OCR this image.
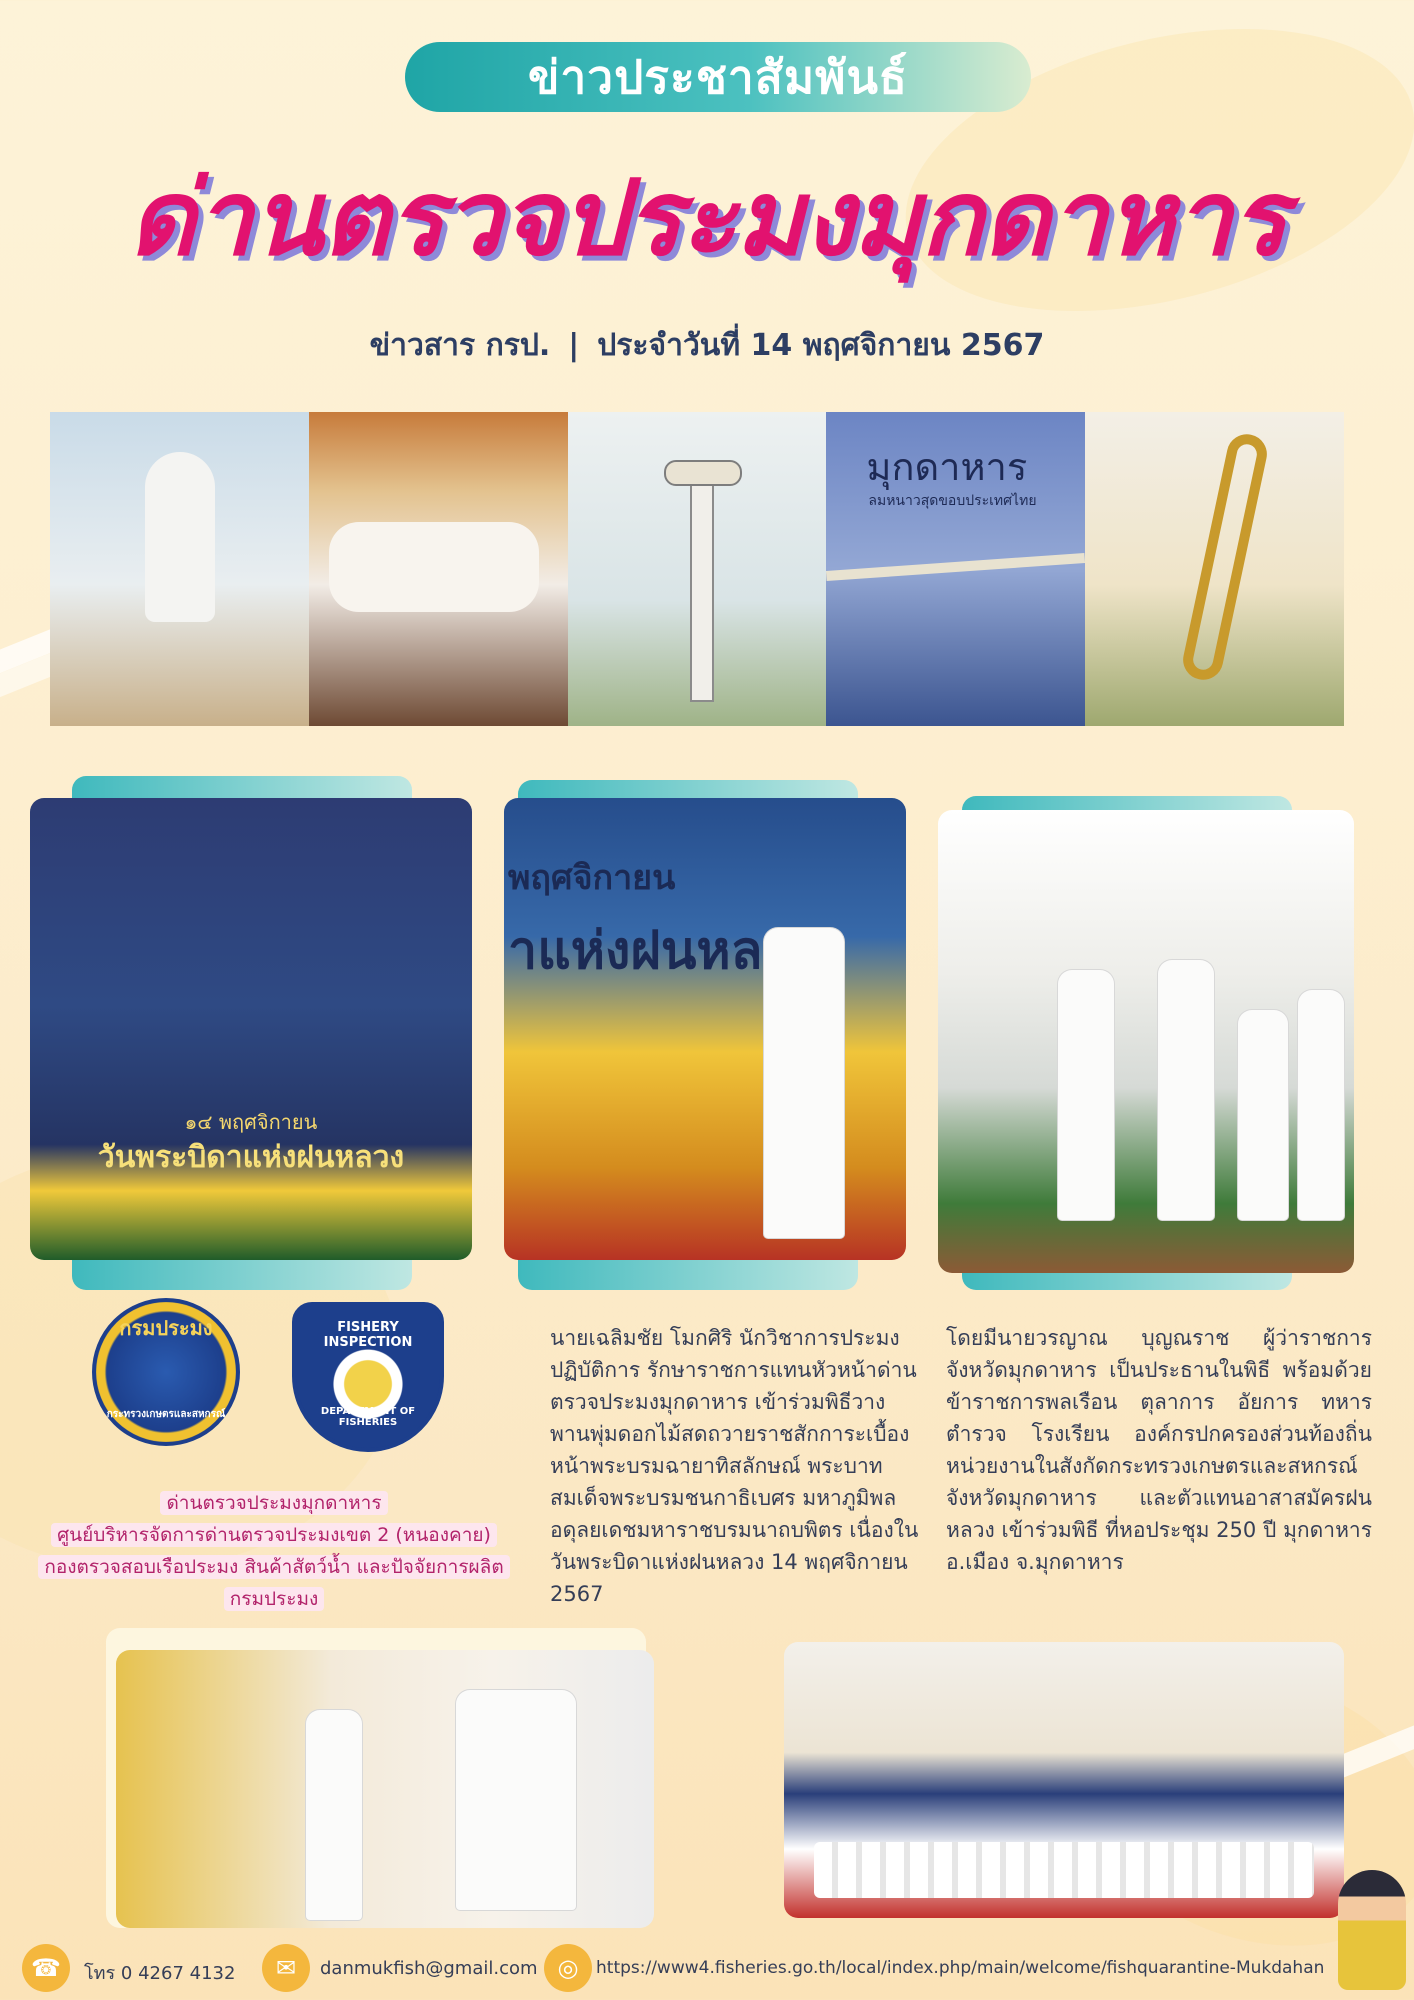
ข่าวประชาสัมพันธ์
ด่านตรวจประมงมุกดาหาร
ข่าวสาร กรป. | ประจำวันที่ 14 พฤศจิกายน 2567
มุกดาหาร
ลมหนาวสุดขอบประเทศไทย
๑๔ พฤศจิกายน
วันพระบิดาแห่งฝนหลวง
พฤศจิกายน
าแห่งฝนหล
กรมประมง
กระทรวงเกษตรและสหกรณ์
FISHERY INSPECTION
DEPARTMENT OF FISHERIES
ด่านตรวจประมงมุกดาหาร
ศูนย์บริหารจัดการด่านตรวจประมงเขต 2 (หนองคาย)
กองตรวจสอบเรือประมง สินค้าสัตว์น้ำ และปัจจัยการผลิต
กรมประมง
นายเฉลิมชัย โมกศิริ นักวิชาการประมงปฏิบัติการ รักษาราชการแทนหัวหน้าด่านตรวจประมงมุกดาหาร เข้าร่วมพิธีวางพานพุ่มดอกไม้สดถวายราชสักการะเบื้องหน้าพระบรมฉายาทิสลักษณ์ พระบาทสมเด็จพระบรมชนกาธิเบศร มหาภูมิพลอดุลยเดชมหาราชบรมนาถบพิตร เนื่องในวันพระบิดาแห่งฝนหลวง 14 พฤศจิกายน 2567
โดยมีนายวรญาณ บุญณราช ผู้ว่าราชการจังหวัดมุกดาหาร เป็นประธานในพิธี พร้อมด้วยข้าราชการพลเรือน ตุลาการ อัยการ ทหาร ตำรวจ โรงเรียน องค์กรปกครองส่วนท้องถิ่น หน่วยงานในสังกัดกระทรวงเกษตรและสหกรณ์จังหวัดมุกดาหาร และตัวแทนอาสาสมัครฝนหลวง เข้าร่วมพิธี ที่หอประชุม 250 ปี มุกดาหาร อ.เมือง จ.มุกดาหาร
☎	โทร 0 4267 4132	✉	danmukfish@gmail.com ◎	https://www4.fisheries.go.th/local/index.php/main/welcome/fishquarantine-Mukdahan
